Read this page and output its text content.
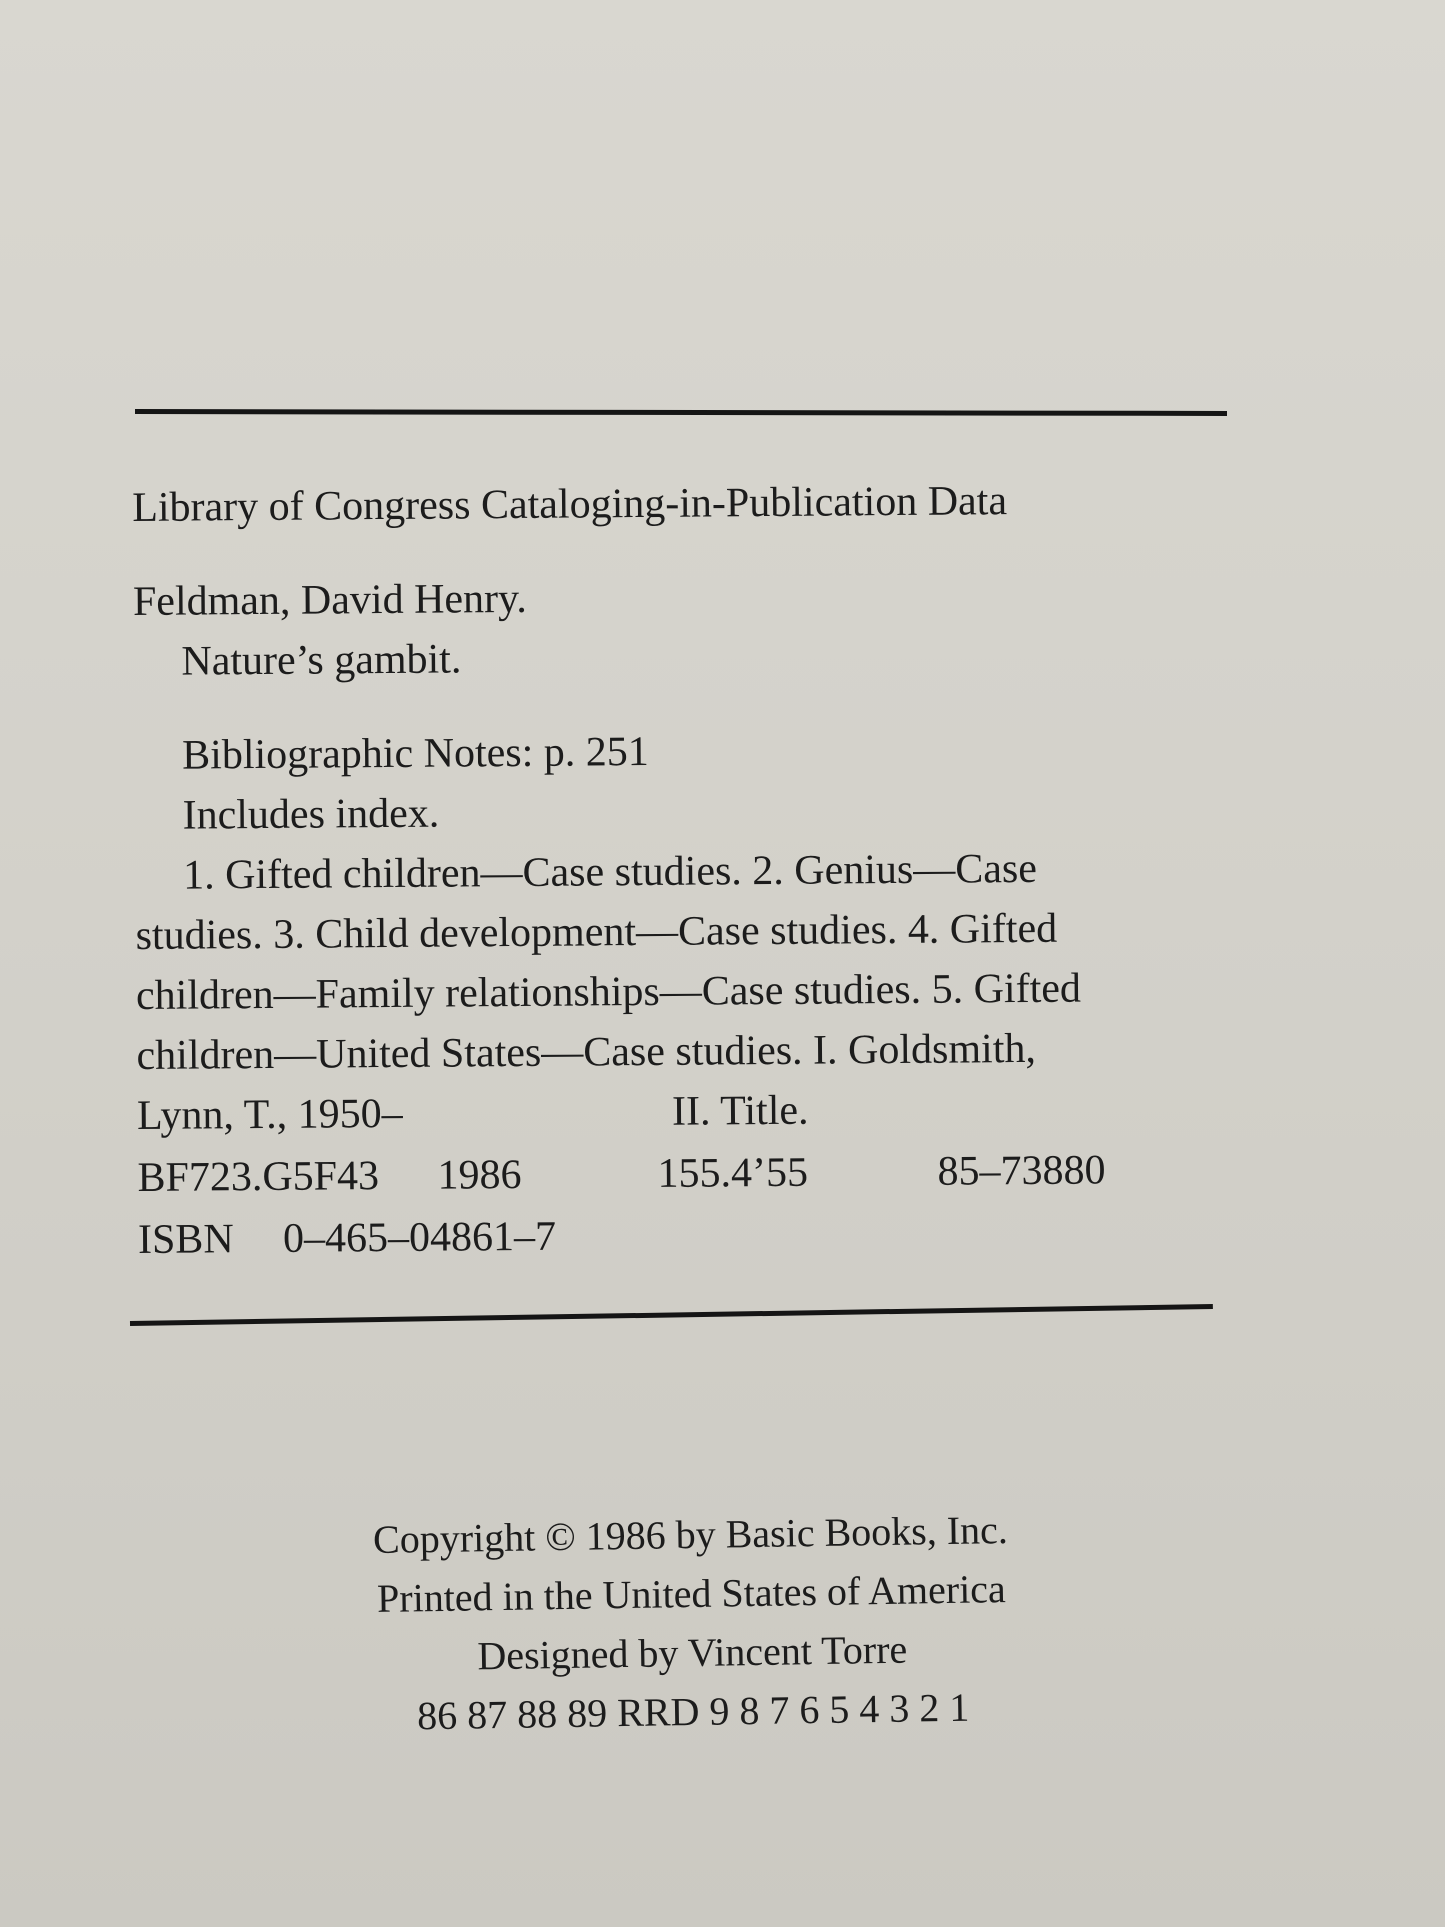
Library of Congress Cataloging-in-Publication Data
Feldman, David Henry.
Nature’s gambit.
Bibliographic Notes: p. 251
Includes index.
1. Gifted children—Case studies. 2. Genius—Case
studies. 3. Child development—Case studies. 4. Gifted
children—Family relationships—Case studies. 5. Gifted
children—United States—Case studies. I. Goldsmith,
Lynn, T., 1950–	II. Title.
BF723.G5F43 1986	155.4’55	85–73880
ISBN 0–465–04861–7
Copyright © 1986 by Basic Books, Inc.
Printed in the United States of America
Designed by Vincent Torre
86 87 88 89 RRD 9 8 7 6 5 4 3 2 1
